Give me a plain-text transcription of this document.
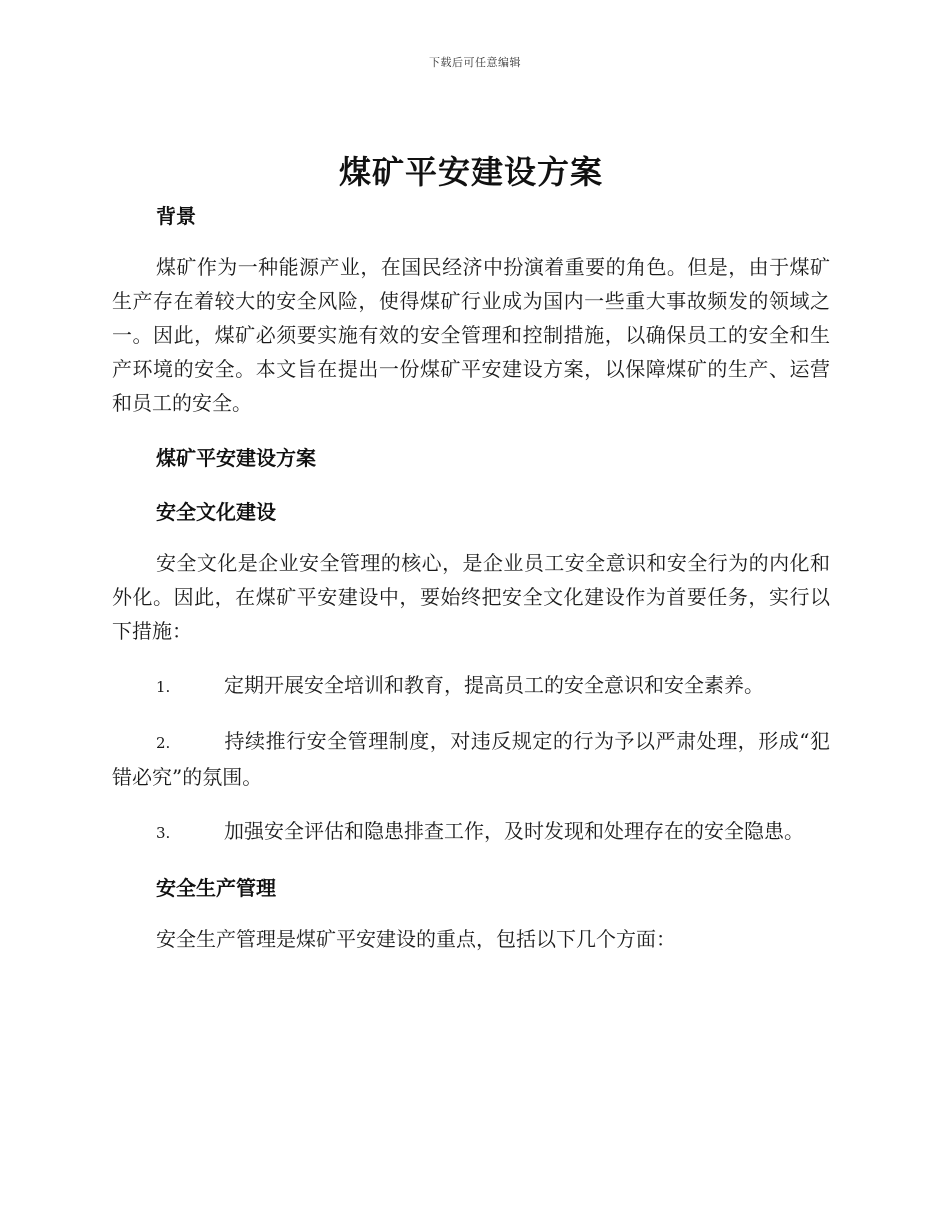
下载后可任意编辑
煤矿平安建设方案
背景

煤矿作为一种能源产业，在国民经济中扮演着重要的角色。但是，由于煤矿生产存在着较大的安全风险，使得煤矿行业成为国内一些重大事故频发的领域之一。因此，煤矿必须要实施有效的安全管理和控制措施，以确保员工的安全和生产环境的安全。本文旨在提出一份煤矿平安建设方案，以保障煤矿的生产、运营和员工的安全。

煤矿平安建设方案
安全文化建设

安全文化是企业安全管理的核心，是企业员工安全意识和安全行为的内化和外化。因此，在煤矿平安建设中，要始终把安全文化建设作为首要任务，实行以下措施：

1.	定期开展安全培训和教育，提高员工的安全意识和安全素养。

2.	持续推行安全管理制度，对违反规定的行为予以严肃处理，形成“犯错必究”的氛围。

3.	加强安全评估和隐患排查工作，及时发现和处理存在的安全隐患。

安全生产管理

安全生产管理是煤矿平安建设的重点，包括以下几个方面：
